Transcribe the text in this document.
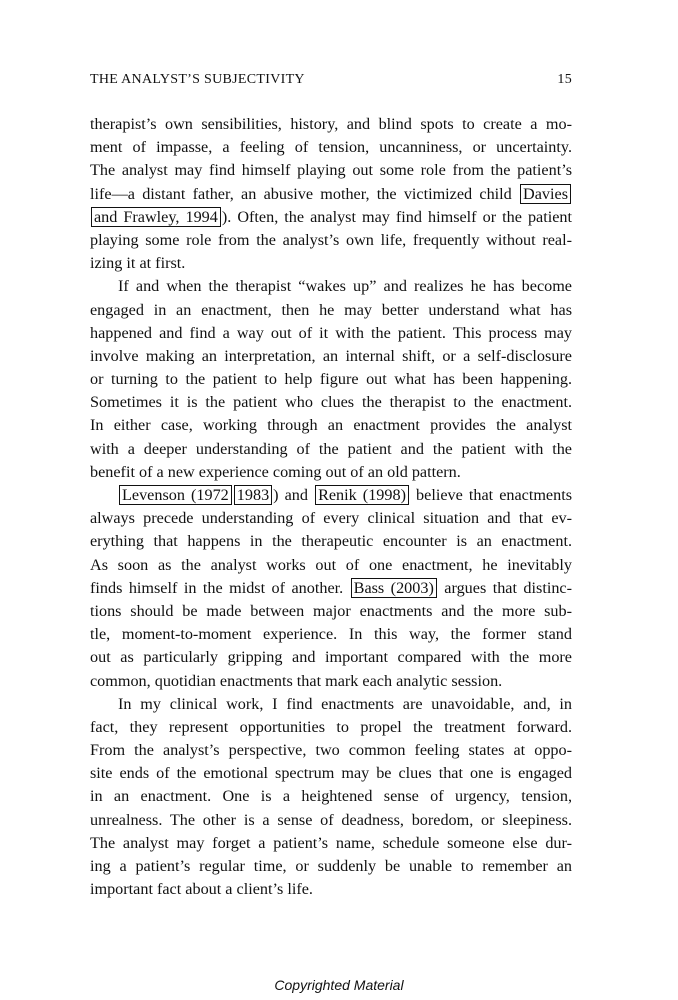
THE ANALYST’S SUBJECTIVITY	15
therapist’s own sensibilities, history, and blind spots to create a mo-
ment of impasse, a feeling of tension, uncanniness, or uncertainty.
The analyst may find himself playing out some role from the patient’s
life—a distant father, an abusive mother, the victimized child Davies
and Frawley, 1994 ). Often, the analyst may find himself or the patient
playing some role from the analyst’s own life, frequently without real-
izing it at first.
If and when the therapist “wakes up” and realizes he has become
engaged in an enactment, then he may better understand what has
happened and find a way out of it with the patient. This process may
involve making an interpretation, an internal shift, or a self-disclosure
or turning to the patient to help figure out what has been happening.
Sometimes it is the patient who clues the therapist to the enactment.
In either case, working through an enactment provides the analyst
with a deeper understanding of the patient and the patient with the
benefit of a new experience coming out of an old pattern.
Levenson (1972 1983 ) and Renik (1998) believe that enactments
always precede understanding of every clinical situation and that ev-
erything that happens in the therapeutic encounter is an enactment.
As soon as the analyst works out of one enactment, he inevitably
finds himself in the midst of another. Bass (2003) argues that distinc-
tions should be made between major enactments and the more sub-
tle, moment-to-moment experience. In this way, the former stand
out as particularly gripping and important compared with the more
common, quotidian enactments that mark each analytic session.
In my clinical work, I find enactments are unavoidable, and, in
fact, they represent opportunities to propel the treatment forward.
From the analyst’s perspective, two common feeling states at oppo-
site ends of the emotional spectrum may be clues that one is engaged
in an enactment. One is a heightened sense of urgency, tension,
unrealness. The other is a sense of deadness, boredom, or sleepiness.
The analyst may forget a patient’s name, schedule someone else dur-
ing a patient’s regular time, or suddenly be unable to remember an
important fact about a client’s life.
Copyrighted Material
